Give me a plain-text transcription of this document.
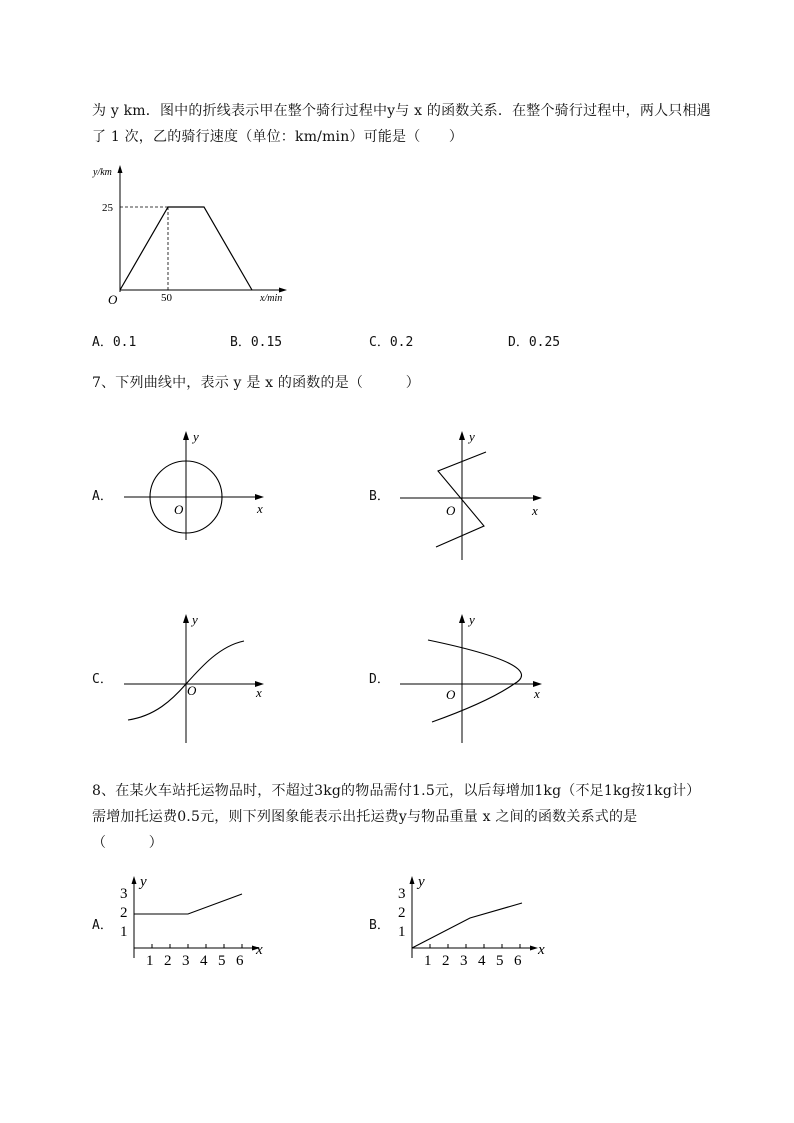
为 y km．图中的折线表示甲在整个骑行过程中y与 x 的函数关系．在整个骑行过程中，两人只相遇
了 1 次，乙的骑行速度（单位：km/min）可能是（　　）
y/km
25
50
O	x/min
A．0.1	B．0.15	C．0.2	D．0.25
7、下列曲线中，表示 y 是 x 的函数的是（　　　）
A．
O	x
y
B．
O	x
y
C．
O	x
y
D．
O	x
y
8、在某火车站托运物品时，不超过3kg的物品需付1.5元，以后每增加1kg（不足1kg按1kg计）
需增加托运费0.5元，则下列图象能表示出托运费y与物品重量 x 之间的函数关系式的是
（　　　）
A．
1 2 3 4 5 6
1
2
3
x
y
B．
1 2 3 4 5 6
1
2
3
x
y
